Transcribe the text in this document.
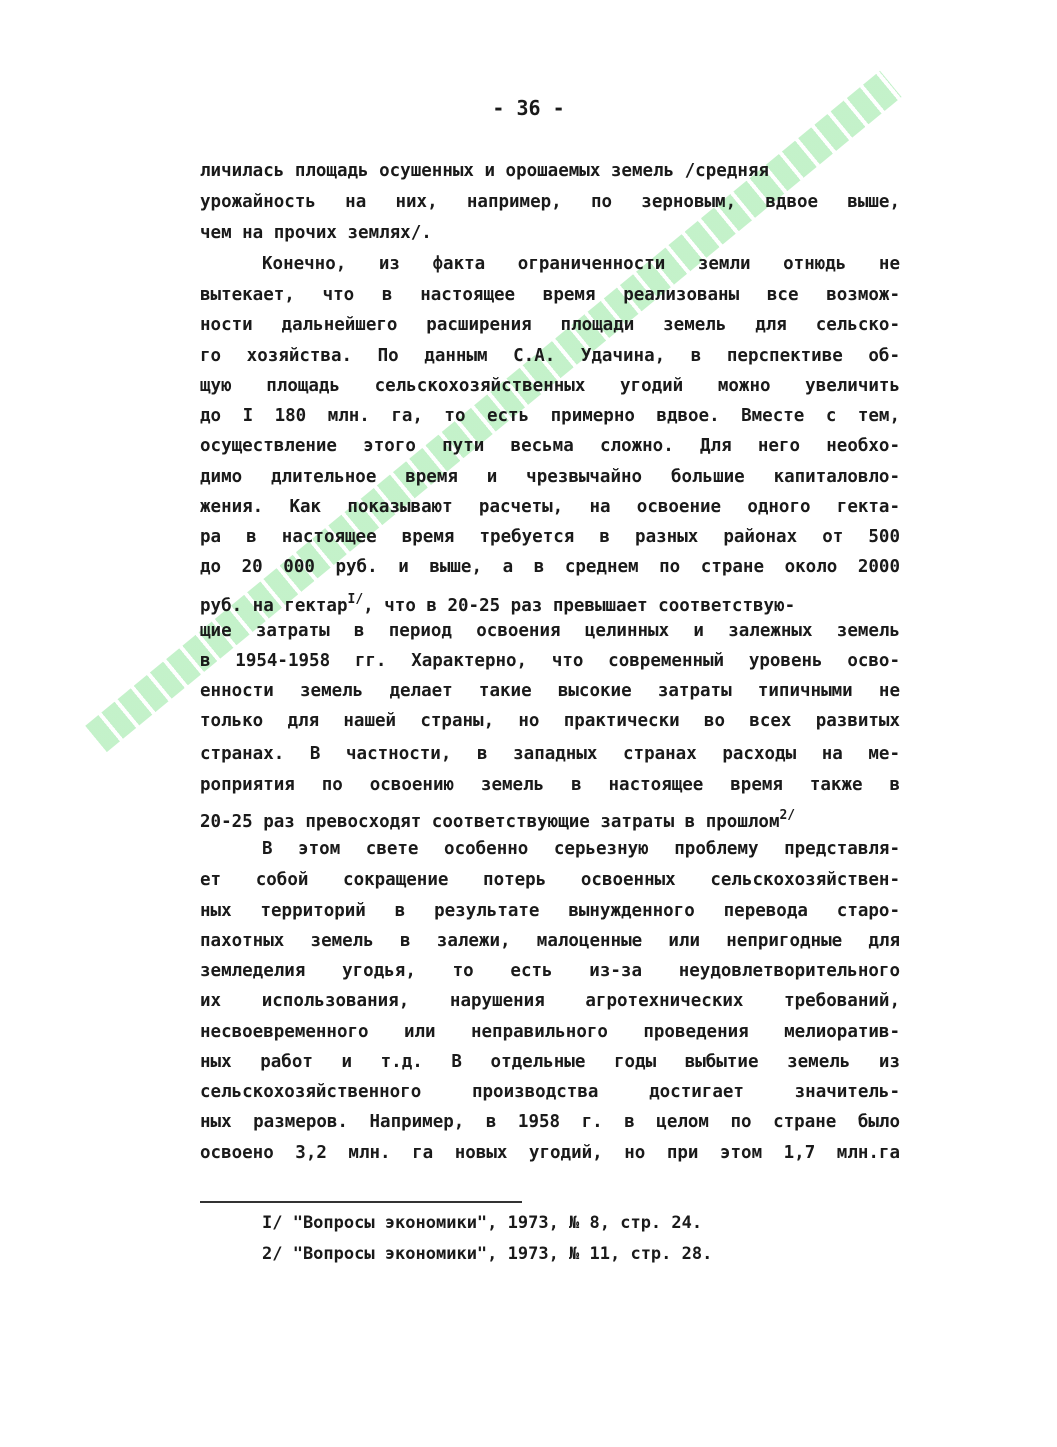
- 36 -
личилась площадь осушенных и орошаемых земель /средняя
урожайность на них, например, по зерновым, вдвое выше,
чем на прочих землях/.
Конечно, из факта ограниченности земли отнюдь не
вытекает, что в настоящее время реализованы все возмож-
ности дальнейшего расширения площади земель для сельско-
го хозяйства. По данным С.А. Удачина, в перспективе об-
щую площадь сельскохозяйственных угодий можно увеличить
до I 180 млн. га, то есть примерно вдвое. Вместе с тем,
осуществление этого пути весьма сложно. Для него необхо-
димо длительное время и чрезвычайно большие капиталовло-
жения. Как показывают расчеты, на освоение одного гекта-
ра в настоящее время требуется в разных районах от 500
до 20 000 руб. и выше, а в среднем по стране около 2000
руб. на гектар$^{I/}$, что в 20-25 раз превышает соответствую-
щие затраты в период освоения целинных и залежных земель
в 1954-1958 гг. Характерно, что современный уровень осво-
енности земель делает такие высокие затраты типичными не
только для нашей страны, но практически во всех развитых
странах. В частности, в западных странах расходы на ме-
роприятия по освоению земель в настоящее время также в
20-25 раз превосходят соответствующие затраты в прошлом$^{2/}$
В этом свете особенно серьезную проблему представля-
ет собой сокращение потерь освоенных сельскохозяйствен-
ных территорий в результате вынужденного перевода старо-
пахотных земель в залежи, малоценные или непригодные для
земледелия угодья, то есть из-за неудовлетворительного
их использования, нарушения агротехнических требований,
несвоевременного или неправильного проведения мелиоратив-
ных работ и т.д. В отдельные годы выбытие земель из
сельскохозяйственного производства достигает значитель-
ных размеров. Например, в 1958 г. в целом по стране было
освоено 3,2 млн. га новых угодий, но при этом 1,7 млн.га
I/ "Вопросы экономики", 1973, № 8, стр. 24.
2/ "Вопросы экономики", 1973, № 11, стр. 28.
